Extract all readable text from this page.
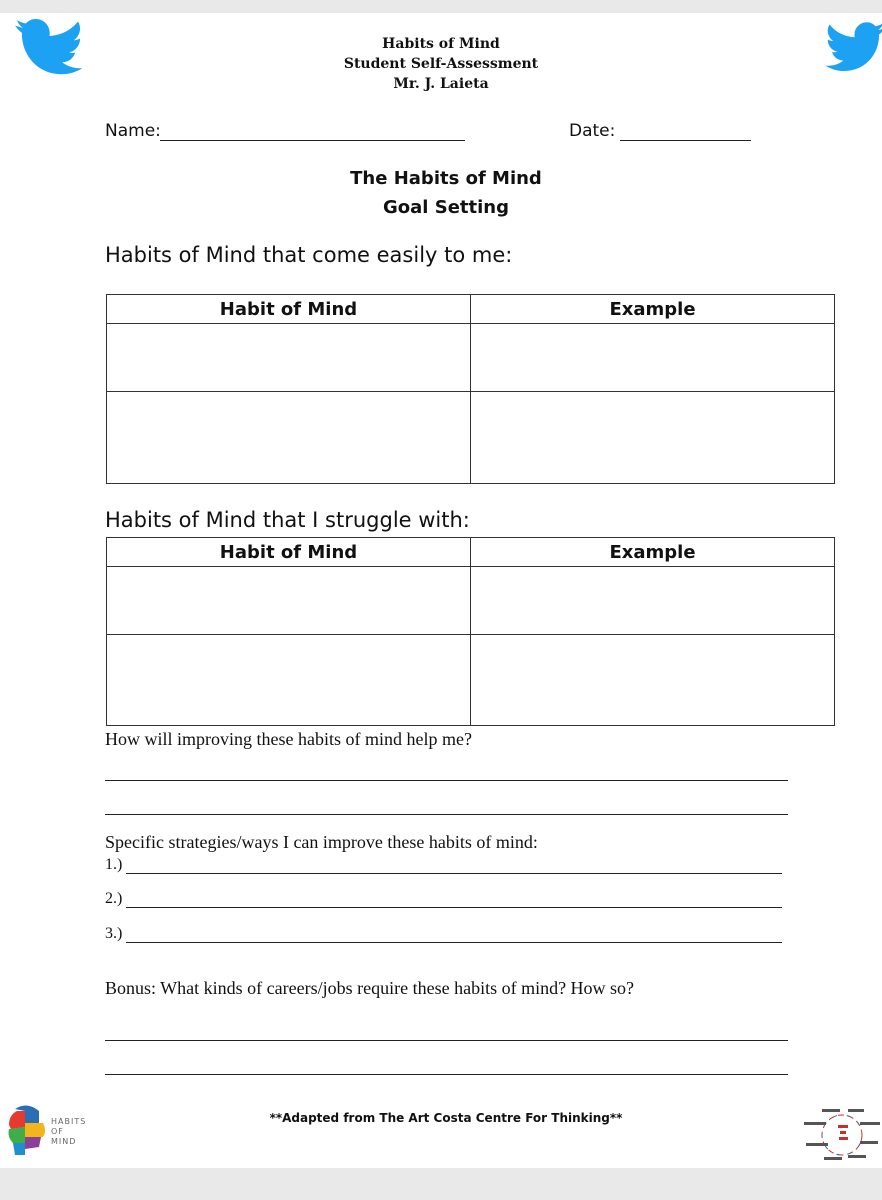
Habits of Mind
Student Self-Assessment
Mr. J. Laieta
Name:	Date:
The Habits of Mind
Goal Setting
Habits of Mind that come easily to me:
Habit of Mind	Example

Habits of Mind that I struggle with:
Habit of Mind	Example

How will improving these habits of mind help me?
Specific strategies/ways I can improve these habits of mind:
1.)
2.)
3.)
Bonus: What kinds of careers/jobs require these habits of mind? How so?
**Adapted from The Art Costa Centre For Thinking**
HABITS
OF
MIND
